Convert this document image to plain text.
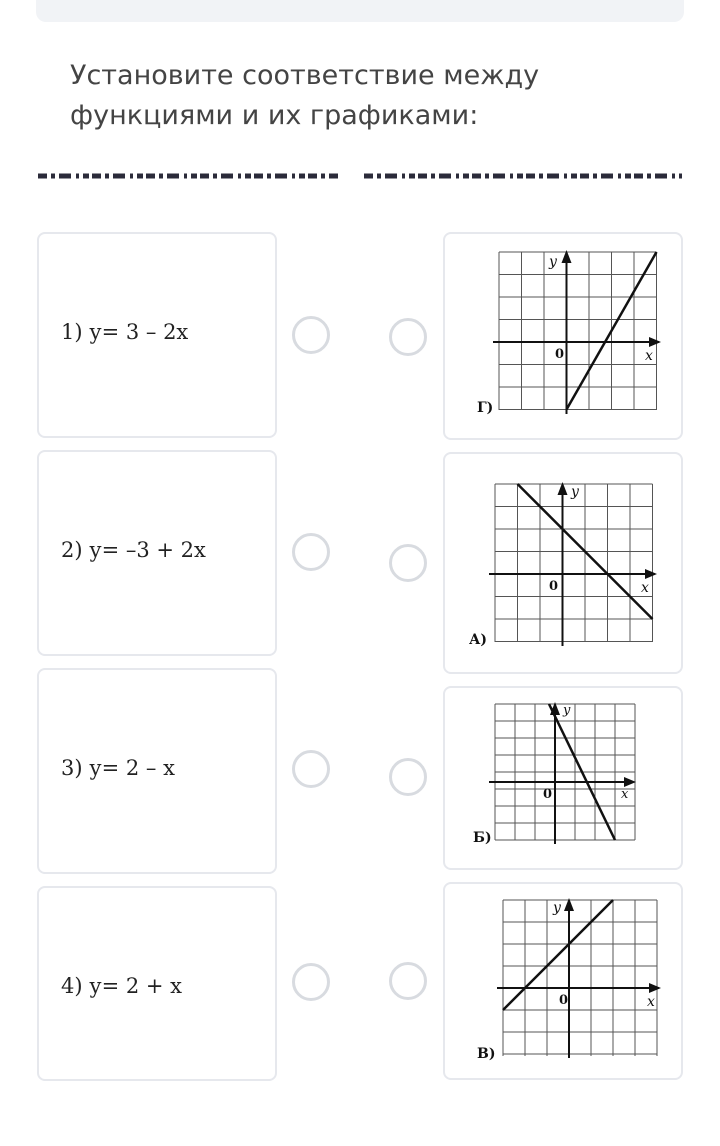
Установите соответствие между
функциями и их графиками:
1) у= 3 – 2х
2) у= –3 + 2х
3) у= 2 – х
4) у= 2 + х
x
y
0
Г)
x
y
0
А)
x
y
0
Б)
x
y
0
В)
